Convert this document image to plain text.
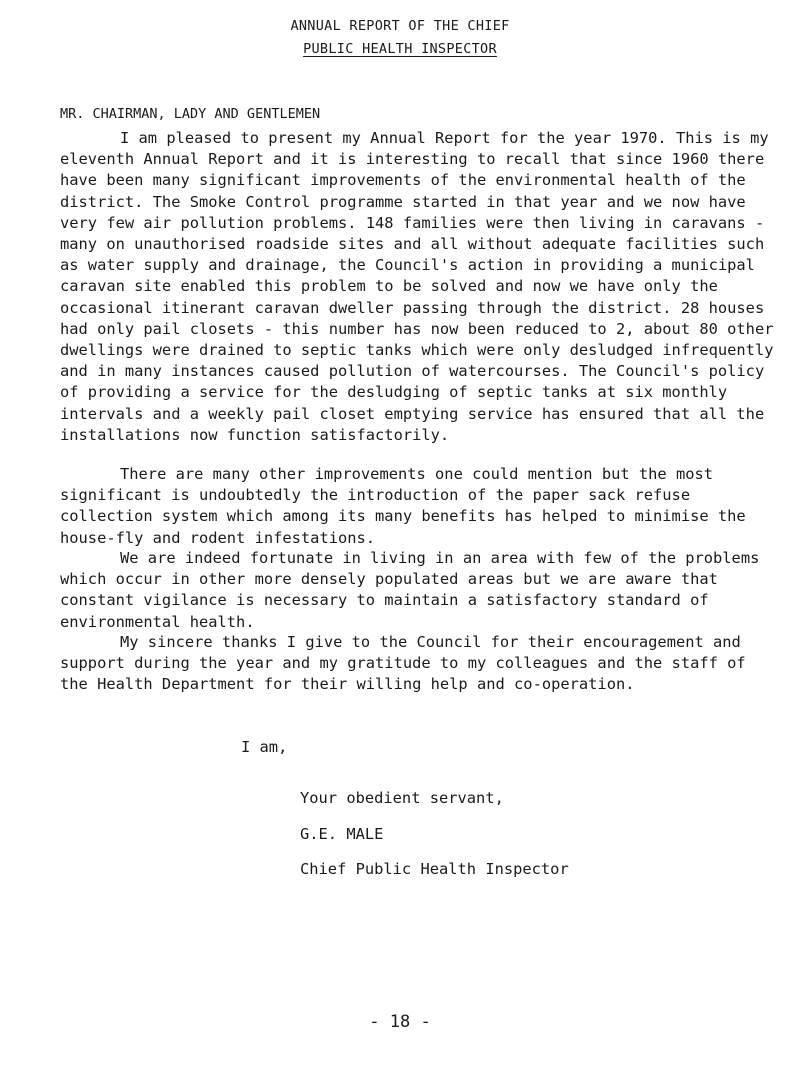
ANNUAL REPORT OF THE CHIEF
PUBLIC HEALTH INSPECTOR
MR. CHAIRMAN, LADY AND GENTLEMEN

I am pleased to present my Annual Report for the year 1970. This is my eleventh Annual Report and it is interesting to recall that since 1960 there have been many significant improvements of the environmental health of the district. The Smoke Control programme started in that year and we now have very few air pollution problems. 148 families were then living in caravans - many on unauthorised roadside sites and all without adequate facilities such as water supply and drainage, the Council's action in providing a municipal caravan site enabled this problem to be solved and now we have only the occasional itinerant caravan dweller passing through the district. 28 houses had only pail closets - this number has now been reduced to 2, about 80 other dwellings were drained to septic tanks which were only desludged infrequently and in many instances caused pollution of watercourses. The Council's policy of providing a service for the desludging of septic tanks at six monthly intervals and a weekly pail closet emptying service has ensured that all the installations now function satisfactorily.

There are many other improvements one could mention but the most significant is undoubtedly the introduction of the paper sack refuse collection system which among its many benefits has helped to minimise the house-fly and rodent infestations.

We are indeed fortunate in living in an area with few of the problems which occur in other more densely populated areas but we are aware that constant vigilance is necessary to maintain a satisfactory standard of environmental health.

My sincere thanks I give to the Council for their encouragement and support during the year and my gratitude to my colleagues and the staff of the Health Department for their willing help and co-operation.

I am,
Your obedient servant,
G.E. MALE
Chief Public Health Inspector
- 18 -
